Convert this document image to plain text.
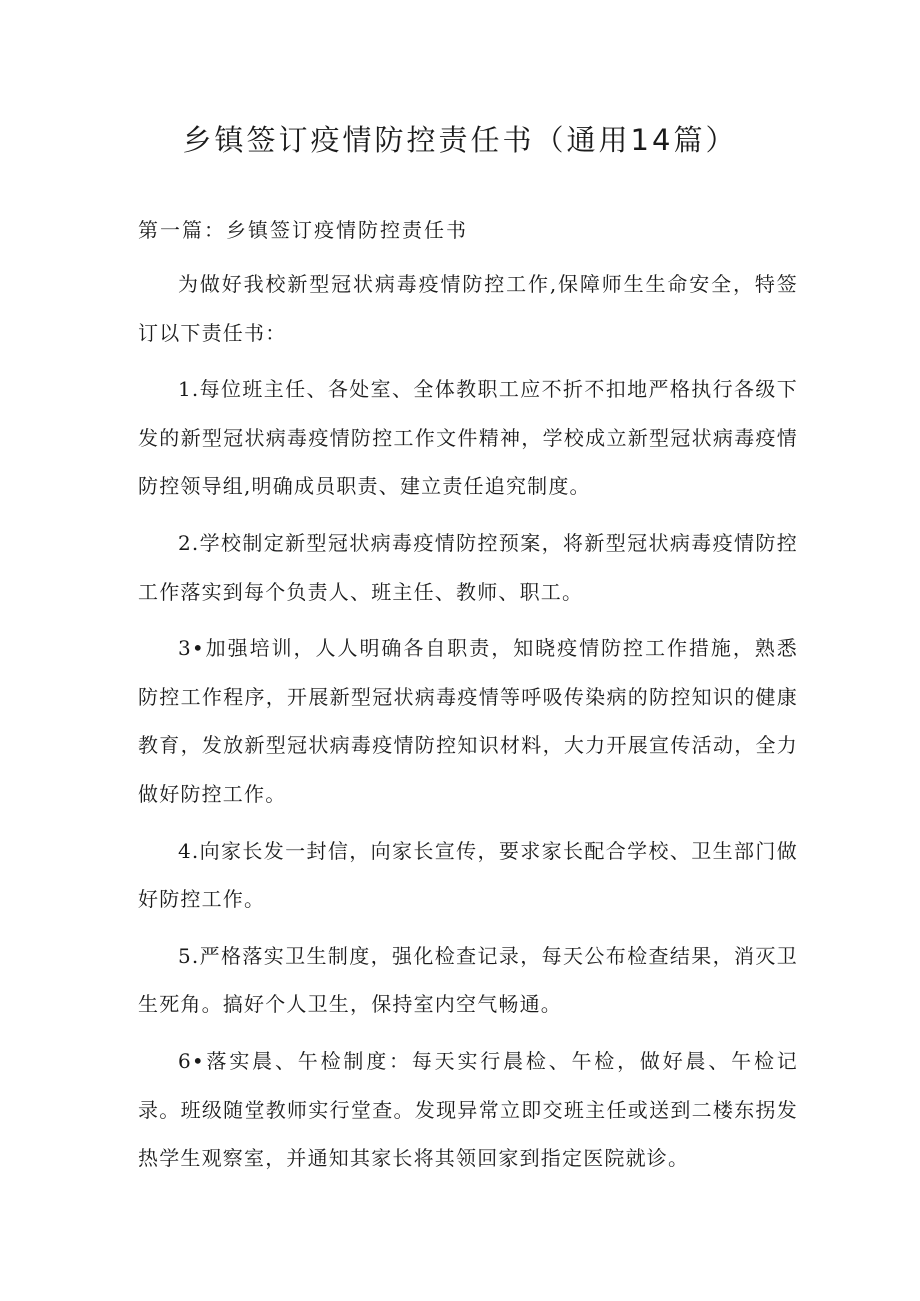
乡镇签订疫情防控责任书（通用14篇）
第一篇：乡镇签订疫情防控责任书

为做好我校新型冠状病毒疫情防控工作,保障师生生命安全，特签订以下责任书：

1.每位班主任、各处室、全体教职工应不折不扣地严格执行各级下发的新型冠状病毒疫情防控工作文件精神，学校成立新型冠状病毒疫情防控领导组,明确成员职责、建立责任追究制度。

2.学校制定新型冠状病毒疫情防控预案，将新型冠状病毒疫情防控工作落实到每个负责人、班主任、教师、职工。

3•加强培训，人人明确各自职责，知晓疫情防控工作措施，熟悉防控工作程序，开展新型冠状病毒疫情等呼吸传染病的防控知识的健康教育，发放新型冠状病毒疫情防控知识材料，大力开展宣传活动，全力做好防控工作。

4.向家长发一封信，向家长宣传，要求家长配合学校、卫生部门做好防控工作。

5.严格落实卫生制度，强化检查记录，每天公布检查结果，消灭卫生死角。搞好个人卫生，保持室内空气畅通。

6•落实晨、午检制度：每天实行晨检、午检，做好晨、午检记录。班级随堂教师实行堂查。发现异常立即交班主任或送到二楼东拐发热学生观察室，并通知其家长将其领回家到指定医院就诊。
